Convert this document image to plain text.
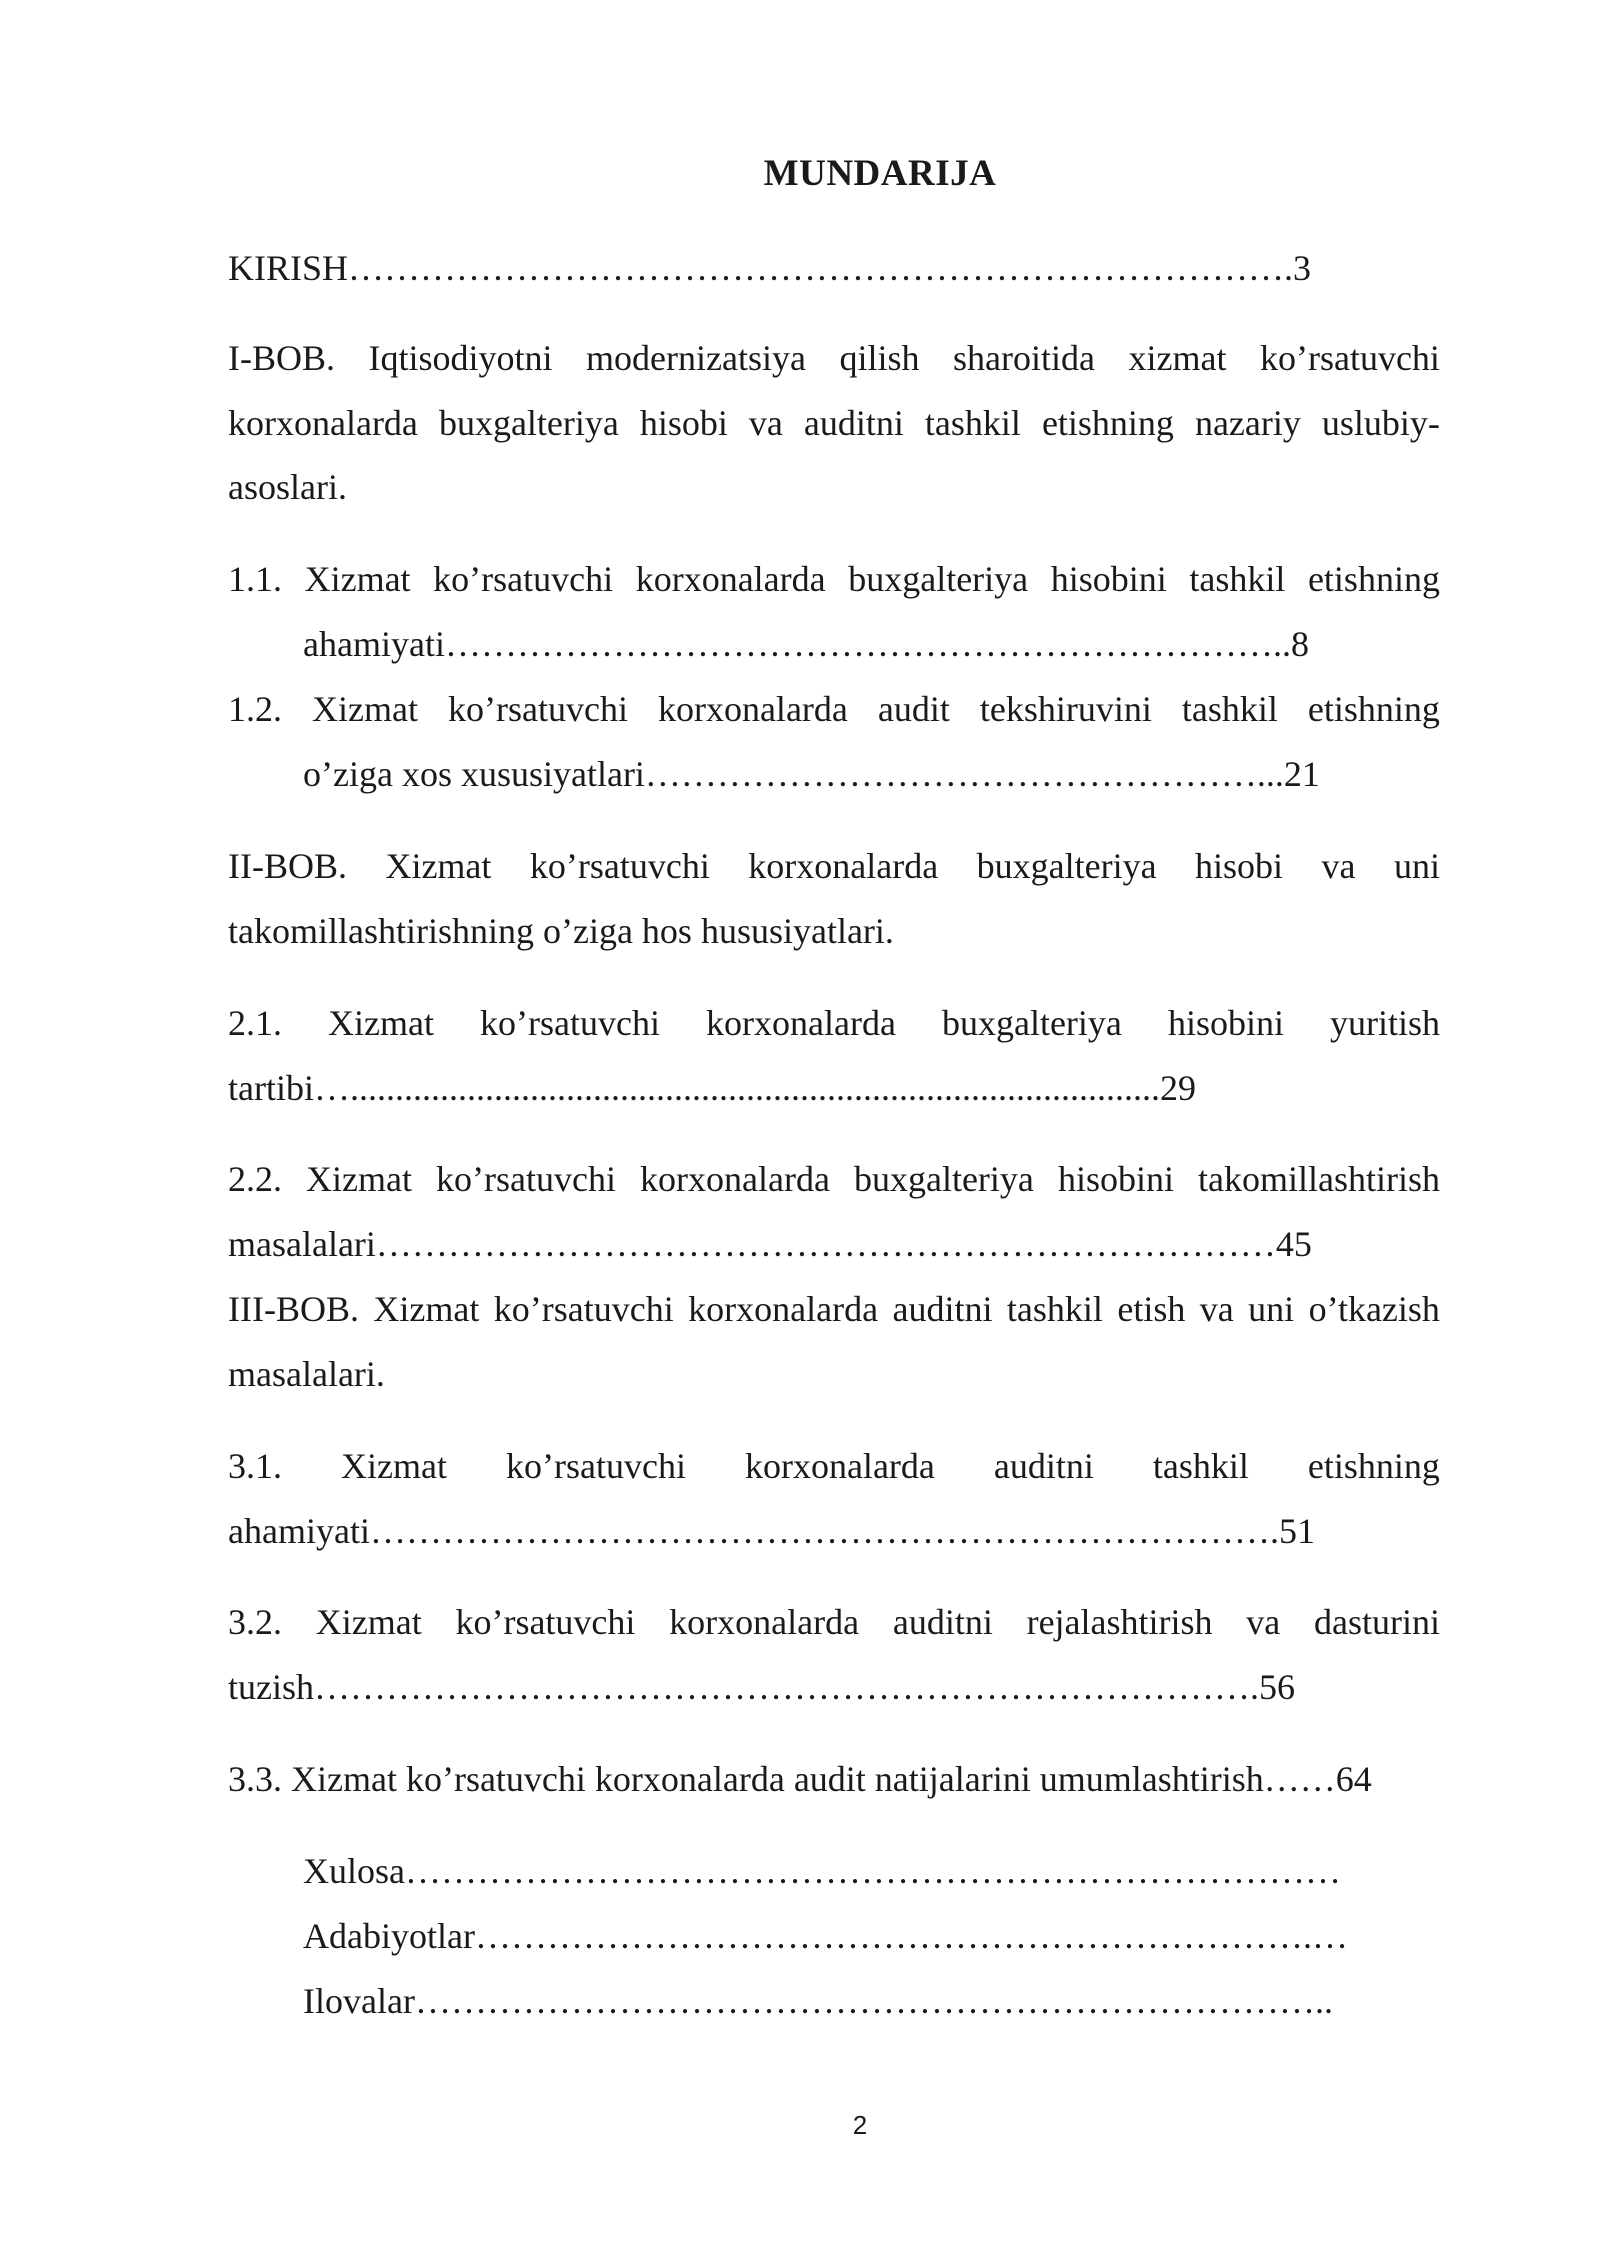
MUNDARIJA
KIRISH…………………………………………………………………….3
I-BOB. Iqtisodiyotni modernizatsiya qilish sharoitida xizmat ko’rsatuvchi
korxonalarda buxgalteriya hisobi va auditni tashkil etishning nazariy uslubiy-
asoslari.
1.1. Xizmat ko’rsatuvchi korxonalarda buxgalteriya hisobini tashkil etishning
ahamiyati……………………………………………………………..8
1.2. Xizmat ko’rsatuvchi korxonalarda audit tekshiruvini tashkil etishning
o’ziga xos xususiyatlari……………………………………………...21
II-BOB. Xizmat ko’rsatuvchi korxonalarda buxgalteriya hisobi va uni
takomillashtirishning o’ziga hos hususiyatlari.
2.1. Xizmat ko’rsatuvchi korxonalarda buxgalteriya hisobini yuritish
tartibi…..........................................................................................29
2.2. Xizmat ko’rsatuvchi korxonalarda buxgalteriya hisobini takomillashtirish
masalalari…………………………………………………………………45
III-BOB. Xizmat ko’rsatuvchi korxonalarda auditni tashkil etish va uni o’tkazish
masalalari.
3.1. Xizmat ko’rsatuvchi korxonalarda auditni tashkil etishning
ahamiyati………………………………………………………………….51
3.2. Xizmat ko’rsatuvchi korxonalarda auditni rejalashtirish va dasturini
tuzish…………………………………………………………………….56
3.3. Xizmat ko’rsatuvchi korxonalarda audit natijalarini umumlashtirish……64
Xulosa……………………………………………………………………
Adabiyotlar…………………………………………………………….…
Ilovalar…………………………………………………………………..
2
